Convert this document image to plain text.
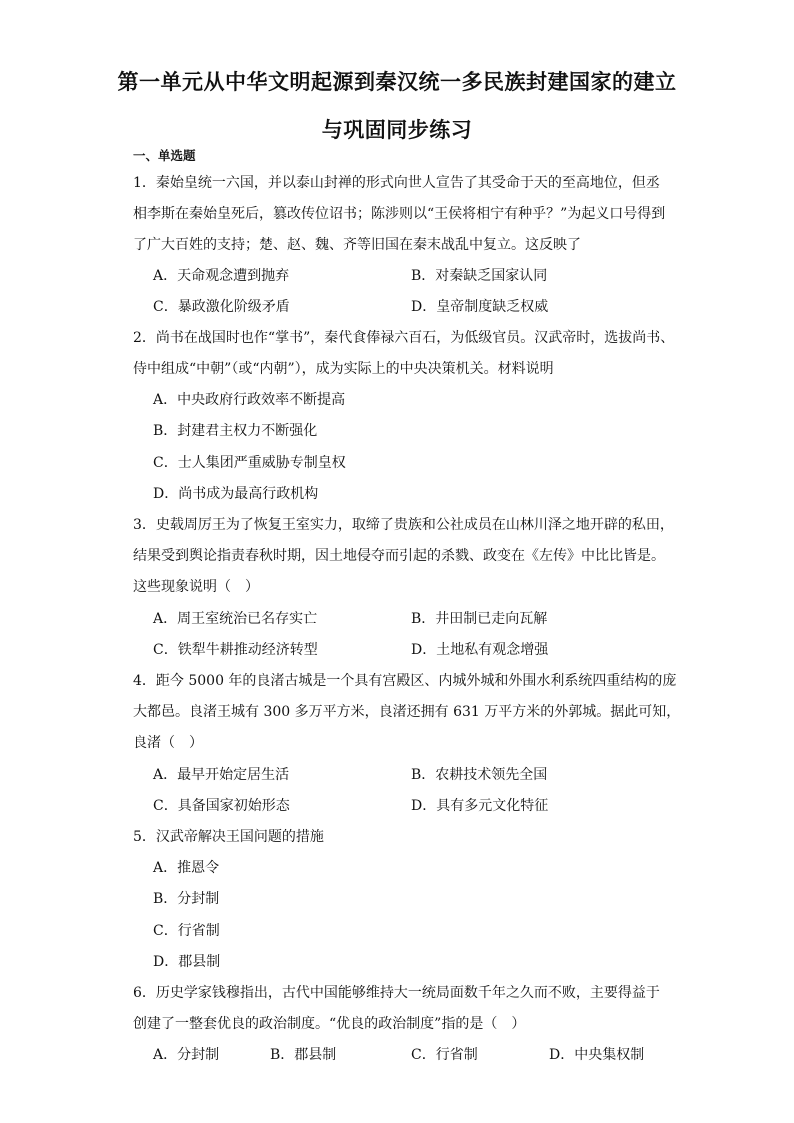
第一单元从中华文明起源到秦汉统一多民族封建国家的建立
与巩固同步练习
一、单选题
1．秦始皇统一六国，并以泰山封禅的形式向世人宣告了其受命于天的至高地位，但丞
相李斯在秦始皇死后，篡改传位诏书；陈涉则以“王侯将相宁有种乎？”为起义口号得到
了广大百姓的支持；楚、赵、魏、齐等旧国在秦末战乱中复立。这反映了
A．天命观念遭到抛弃	B．对秦缺乏国家认同
C．暴政激化阶级矛盾	D．皇帝制度缺乏权威
2．尚书在战国时也作“掌书”，秦代食俸禄六百石，为低级官员。汉武帝时，选拔尚书、
侍中组成“中朝”（或“内朝”），成为实际上的中央决策机关。材料说明
A．中央政府行政效率不断提高
B．封建君主权力不断强化
C．士人集团严重威胁专制皇权
D．尚书成为最高行政机构
3．史载周厉王为了恢复王室实力，取缔了贵族和公社成员在山林川泽之地开辟的私田，
结果受到舆论指责春秋时期，因土地侵夺而引起的杀戮、政变在《左传》中比比皆是。
这些现象说明（　）
A．周王室统治已名存实亡	B．井田制已走向瓦解
C．铁犁牛耕推动经济转型	D．土地私有观念增强
4．距今 5000 年的良渚古城是一个具有宫殿区、内城外城和外围水利系统四重结构的庞
大都邑。良渚王城有 300 多万平方米，良渚还拥有 631 万平方米的外郭城。据此可知，
良渚（　）
A．最早开始定居生活	B．农耕技术领先全国
C．具备国家初始形态	D．具有多元文化特征
5．汉武帝解决王国问题的措施
A．推恩令
B．分封制
C．行省制
D．郡县制
6．历史学家钱穆指出，古代中国能够维持大一统局面数千年之久而不败，主要得益于
创建了一整套优良的政治制度。“优良的政治制度”指的是（　）
A．分封制	B．郡县制	C．行省制	D．中央集权制
